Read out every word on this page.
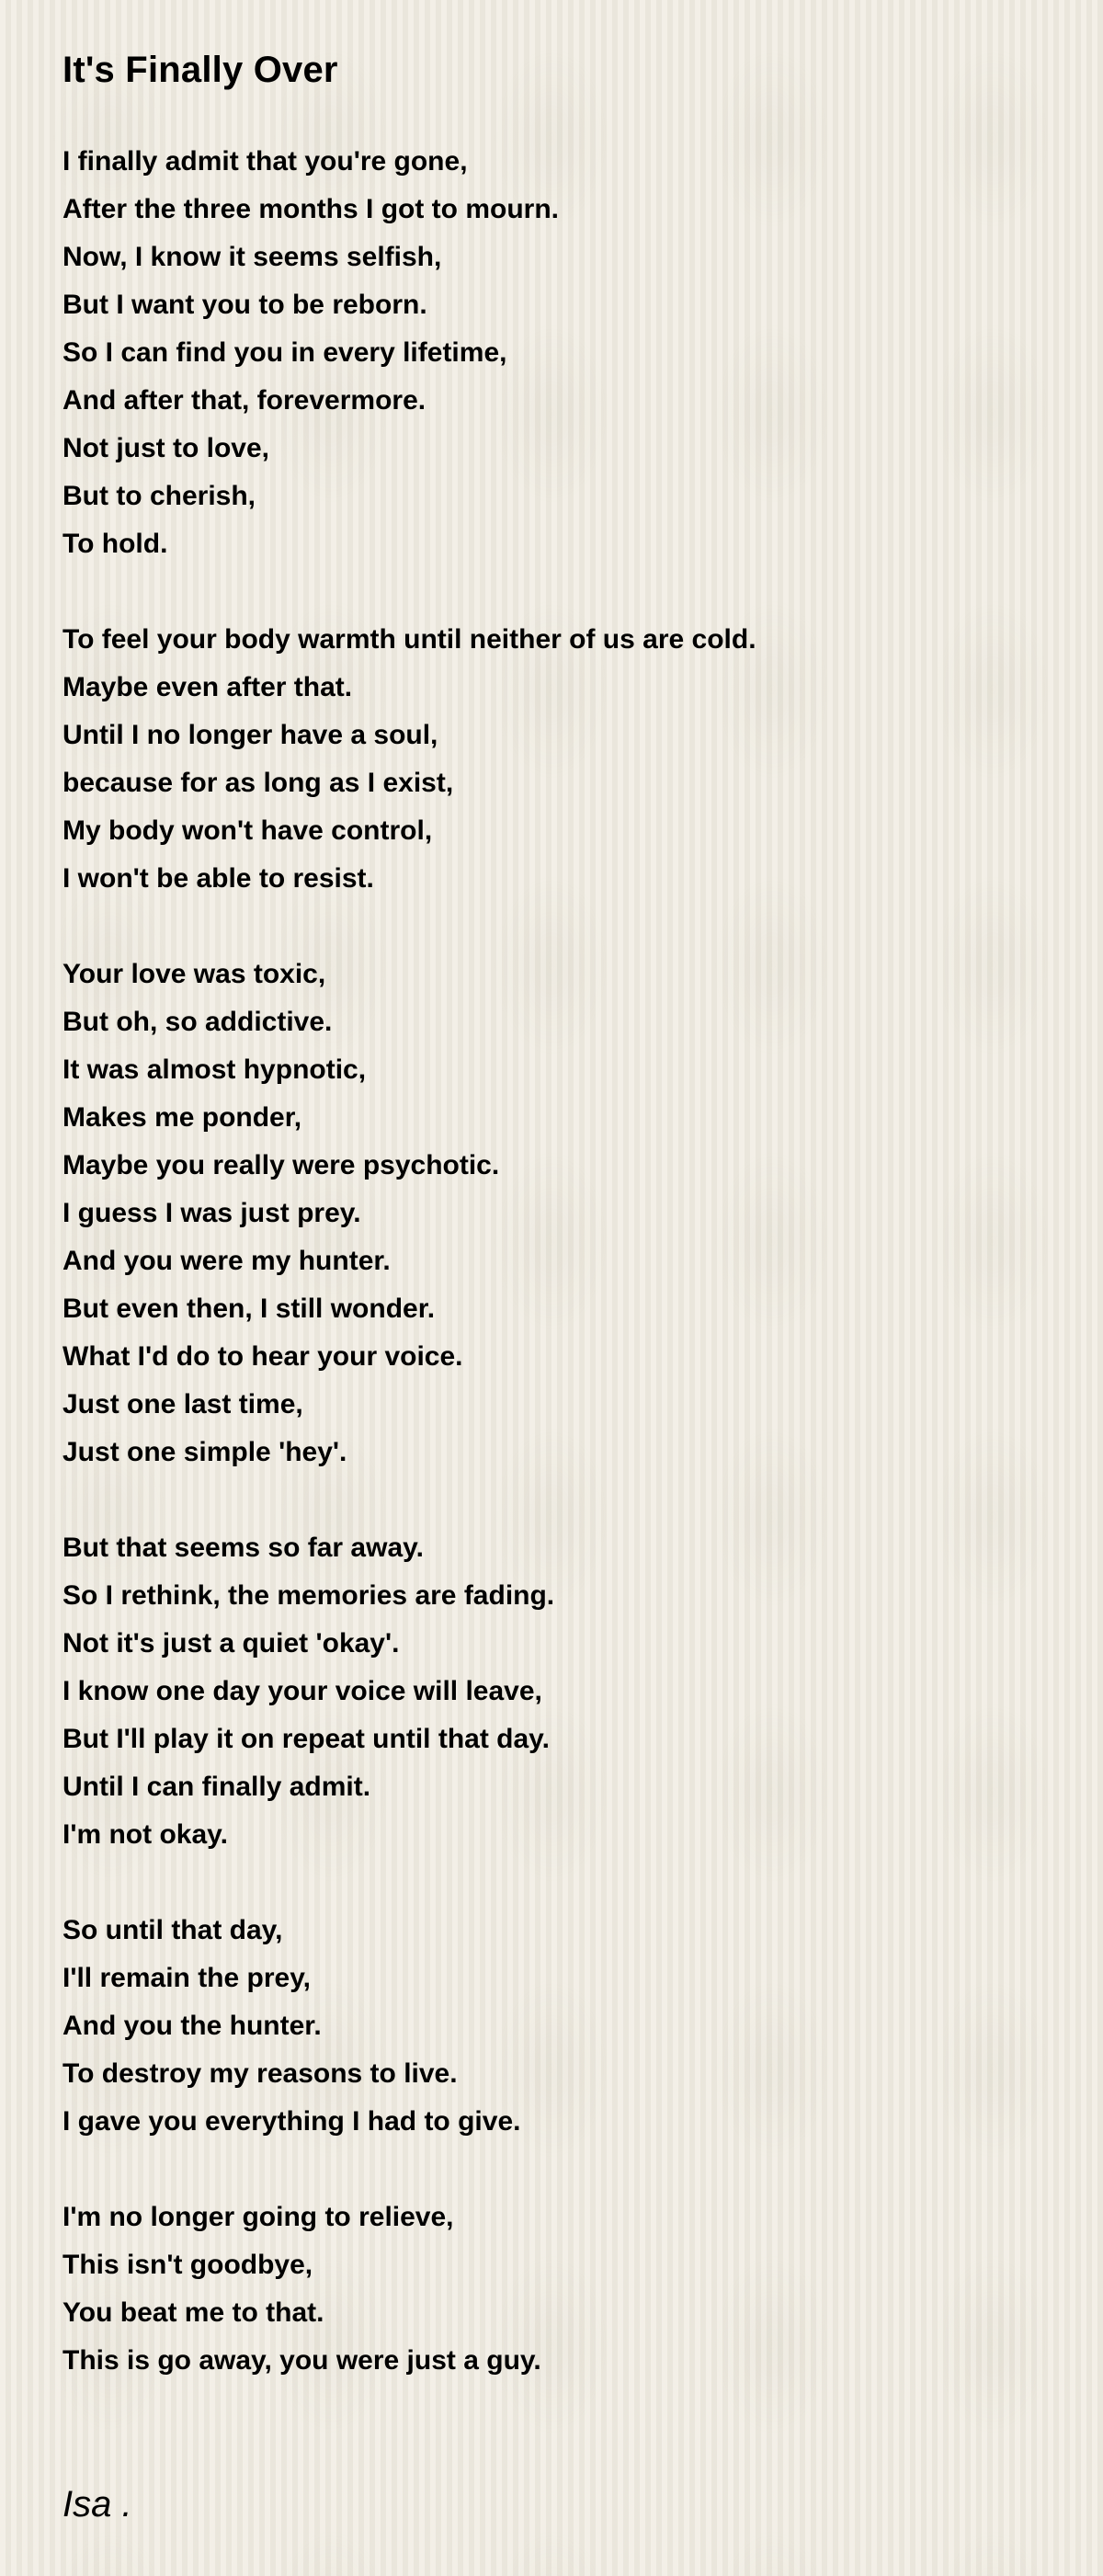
It's Finally Over
I finally admit that you're gone,
After the three months I got to mourn.
Now, I know it seems selfish,
But I want you to be reborn.
So I can find you in every lifetime,
And after that, forevermore.
Not just to love,
But to cherish,
To hold.
To feel your body warmth until neither of us are cold.
Maybe even after that.
Until I no longer have a soul,
because for as long as I exist,
My body won't have control,
I won't be able to resist.
Your love was toxic,
But oh, so addictive.
It was almost hypnotic,
Makes me ponder,
Maybe you really were psychotic.
I guess I was just prey.
And you were my hunter.
But even then, I still wonder.
What I'd do to hear your voice.
Just one last time,
Just one simple 'hey'.
But that seems so far away.
So I rethink, the memories are fading.
Not it's just a quiet 'okay'.
I know one day your voice will leave,
But I'll play it on repeat until that day.
Until I can finally admit.
I'm not okay.
So until that day,
I'll remain the prey,
And you the hunter.
To destroy my reasons to live.
I gave you everything I had to give.
I'm no longer going to relieve,
This isn't goodbye,
You beat me to that.
This is go away, you were just a guy.
Isa .
